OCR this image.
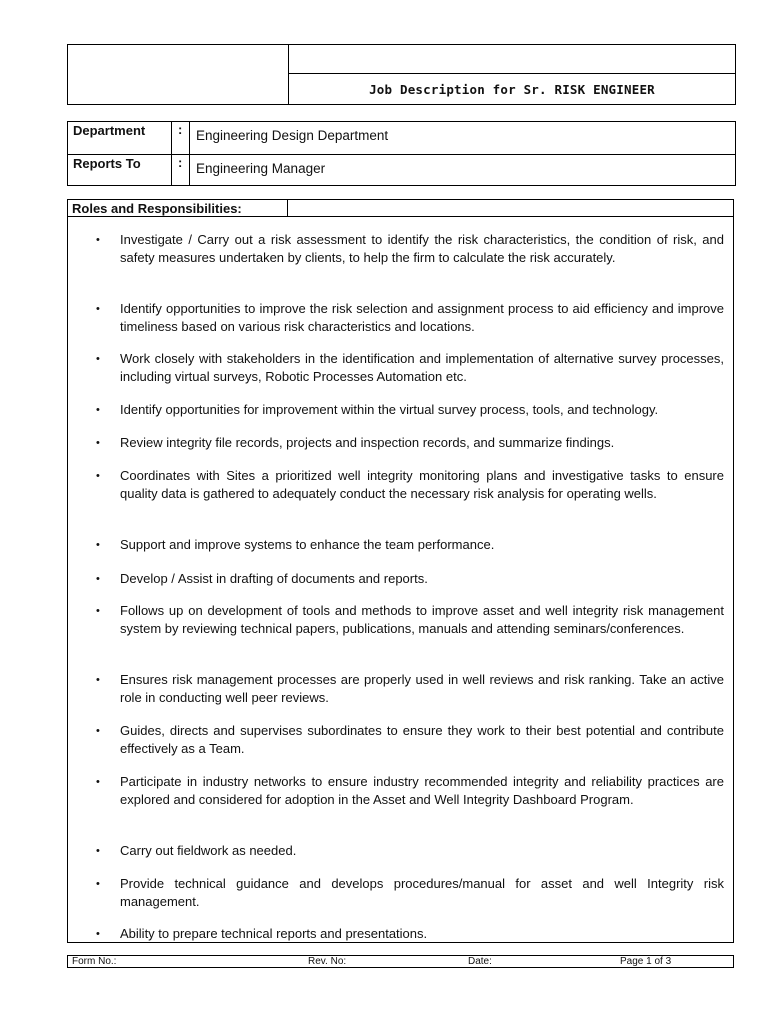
Job Description for Sr. RISK ENGINEER
Department	:	Engineering Design Department
Reports To	:	Engineering Manager
Roles and Responsibilities:
• Investigate / Carry out a risk assessment to identify the risk characteristics, the condition of risk, and safety measures undertaken by clients, to help the firm to calculate the risk accurately.
• Identify opportunities to improve the risk selection and assignment process to aid efficiency and improve timeliness based on various risk characteristics and locations.
• Work closely with stakeholders in the identification and implementation of alternative survey processes, including virtual surveys, Robotic Processes Automation etc.
• Identify opportunities for improvement within the virtual survey process, tools, and technology.
• Review integrity file records, projects and inspection records, and summarize findings.
• Coordinates with Sites a prioritized well integrity monitoring plans and investigative tasks to ensure quality data is gathered to adequately conduct the necessary risk analysis for operating wells.
• Support and improve systems to enhance the team performance.
• Develop / Assist in drafting of documents and reports.
• Follows up on development of tools and methods to improve asset and well integrity risk management system by reviewing technical papers, publications, manuals and attending seminars/conferences.
• Ensures risk management processes are properly used in well reviews and risk ranking. Take an active role in conducting well peer reviews.
• Guides, directs and supervises subordinates to ensure they work to their best potential and contribute effectively as a Team.
• Participate in industry networks to ensure industry recommended integrity and reliability practices are explored and considered for adoption in the Asset and Well Integrity Dashboard Program.
• Carry out fieldwork as needed.
• Provide technical guidance and develops procedures/manual for asset and well Integrity risk management.
• Ability to prepare technical reports and presentations.
Form No.:	Rev. No:	Date:	Page 1 of 3
